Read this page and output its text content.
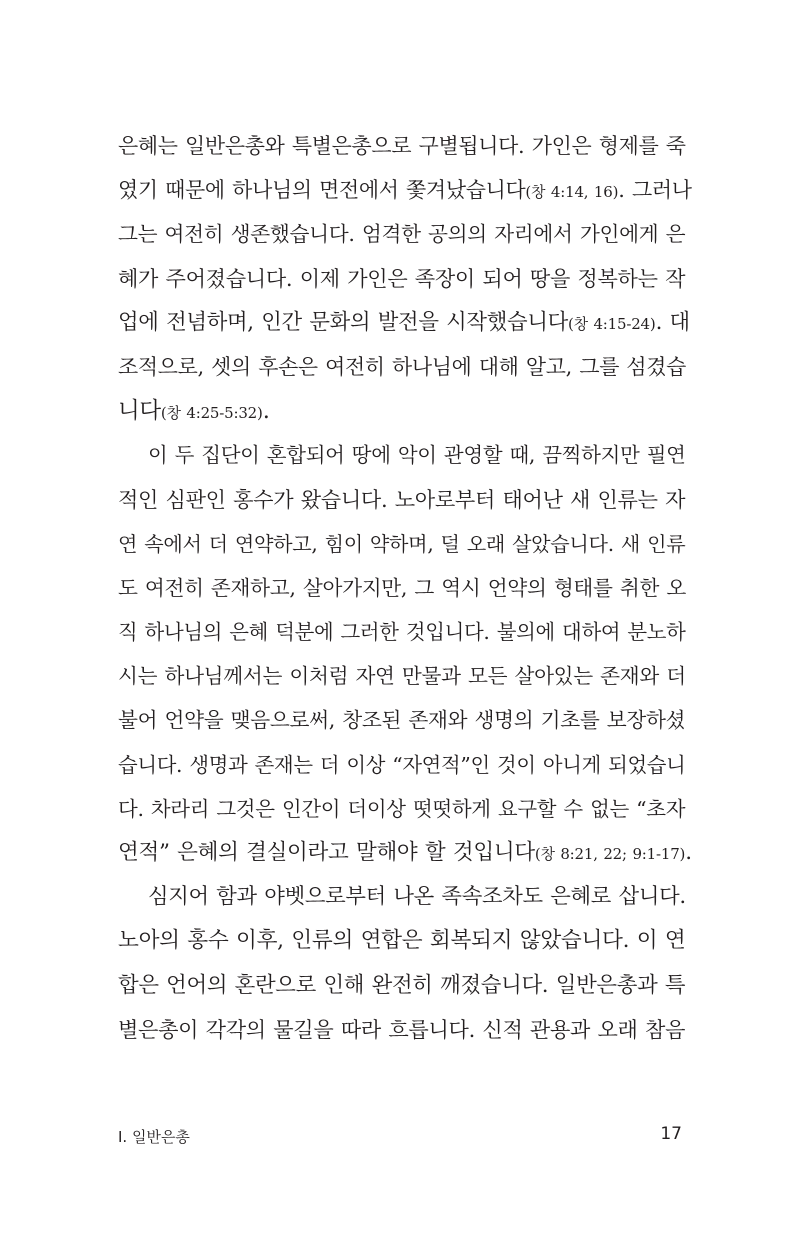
은혜는 일반은총와 특별은총으로 구별됩니다. 가인은 형제를 죽
였기 때문에 하나님의 면전에서 쫓겨났습니다(창 4:14, 16). 그러나
그는 여전히 생존했습니다. 엄격한 공의의 자리에서 가인에게 은
혜가 주어졌습니다. 이제 가인은 족장이 되어 땅을 정복하는 작
업에 전념하며, 인간 문화의 발전을 시작했습니다(창 4:15-24). 대
조적으로, 셋의 후손은 여전히 하나님에 대해 알고, 그를 섬겼습
니다(창 4:25-5:32).
이 두 집단이 혼합되어 땅에 악이 관영할 때, 끔찍하지만 필연
적인 심판인 홍수가 왔습니다. 노아로부터 태어난 새 인류는 자
연 속에서 더 연약하고, 힘이 약하며, 덜 오래 살았습니다. 새 인류
도 여전히 존재하고, 살아가지만, 그 역시 언약의 형태를 취한 오
직 하나님의 은혜 덕분에 그러한 것입니다. 불의에 대하여 분노하
시는 하나님께서는 이처럼 자연 만물과 모든 살아있는 존재와 더
불어 언약을 맺음으로써, 창조된 존재와 생명의 기초를 보장하셨
습니다. 생명과 존재는 더 이상 “자연적”인 것이 아니게 되었습니
다. 차라리 그것은 인간이 더이상 떳떳하게 요구할 수 없는 “초자
연적” 은혜의 결실이라고 말해야 할 것입니다(창 8:21, 22; 9:1-17).
심지어 함과 야벳으로부터 나온 족속조차도 은혜로 삽니다.
노아의 홍수 이후, 인류의 연합은 회복되지 않았습니다. 이 연
합은 언어의 혼란으로 인해 완전히 깨졌습니다. 일반은총과 특
별은총이 각각의 물길을 따라 흐릅니다. 신적 관용과 오래 참음
I. 일반은총	17
